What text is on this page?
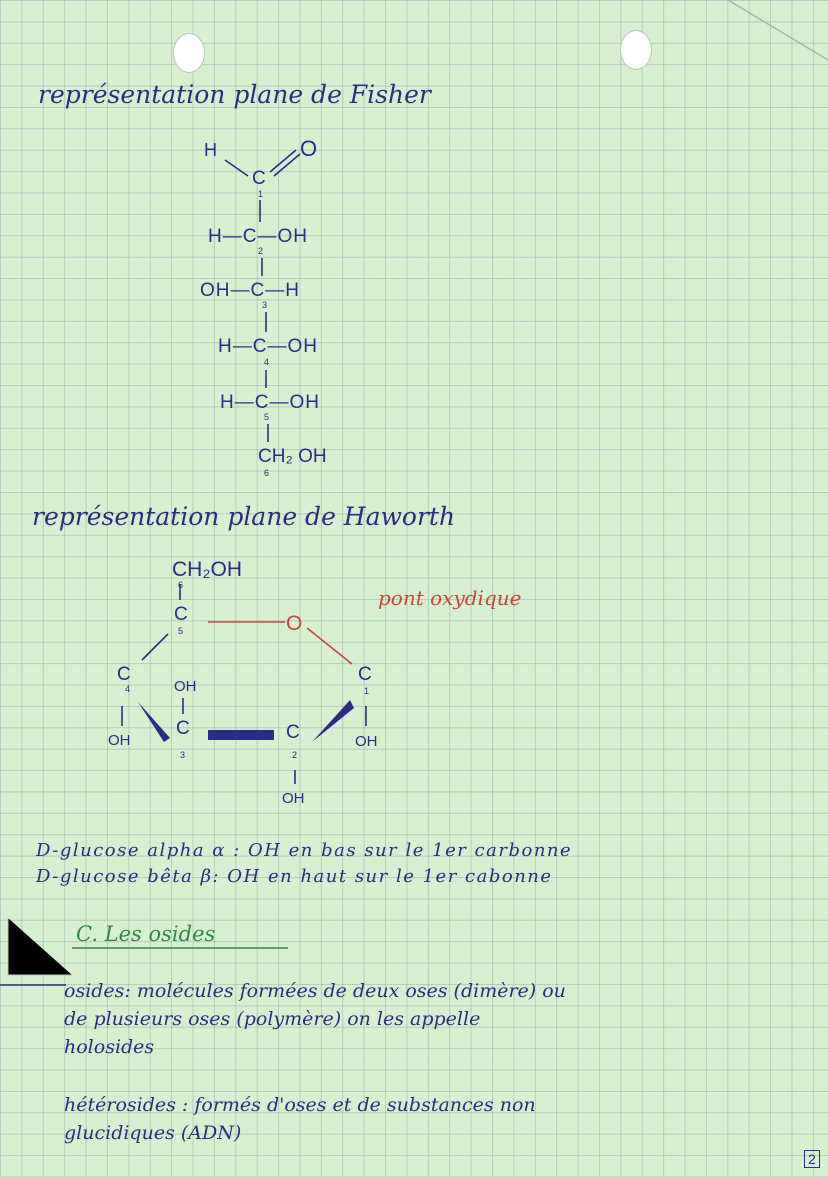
représentation plane de Fisher
H	O
C
1
H—C—OH
2
OH—C—H
3
H—C—OH
4
H—C—OH
5
CH₂ OH
6
représentation plane de Haworth
CH₂OH
6
C
5	O
pont oxydique
C
4
OH
OH
C
3
C
2
OH
C
1
OH
D-glucose alpha α : OH en bas sur le 1er carbonne
D-glucose bêta β: OH en haut sur le 1er cabonne
C. Les osides
osides: molécules formées de deux oses (dimère) ou
de plusieurs oses (polymère) on les appelle
holosides
hétérosides : formés d'oses et de substances non
glucidiques (ADN)
2
